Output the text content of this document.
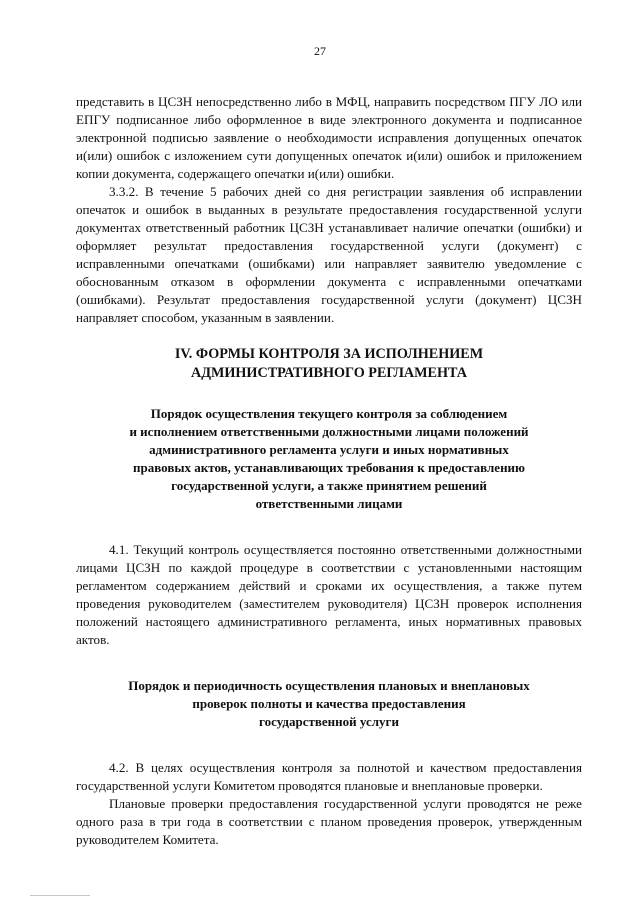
27

представить в ЦСЗН непосредственно либо в МФЦ, направить посредством ПГУ ЛО или ЕПГУ подписанное либо оформленное в виде электронного документа и подписанное электронной подписью заявление о необходимости исправления допущенных опечаток и(или) ошибок с изложением сути допущенных опечаток и(или) ошибок и приложением копии документа, содержащего опечатки и(или) ошибки.

3.3.2. В течение 5 рабочих дней со дня регистрации заявления об исправлении опечаток и ошибок в выданных в результате предоставления государственной услуги документах ответственный работник ЦСЗН устанавливает наличие опечатки (ошибки) и оформляет результат предоставления государственной услуги (документ) с исправленными опечатками (ошибками) или направляет заявителю уведомление с обоснованным отказом в оформлении документа с исправленными опечатками (ошибками). Результат предоставления государственной услуги (документ) ЦСЗН направляет способом, указанным в заявлении.

IV. ФОРМЫ КОНТРОЛЯ ЗА ИСПОЛНЕНИЕМ

АДМИНИСТРАТИВНОГО РЕГЛАМЕНТА

Порядок осуществления текущего контроля за соблюдением
и исполнением ответственными должностными лицами положений
административного регламента услуги и иных нормативных
правовых актов, устанавливающих требования к предоставлению
государственной услуги, а также принятием решений
ответственными лицами

4.1. Текущий контроль осуществляется постоянно ответственными должностными лицами ЦСЗН по каждой процедуре в соответствии с установленными настоящим регламентом содержанием действий и сроками их осуществления, а также путем проведения руководителем (заместителем руководителя) ЦСЗН проверок исполнения положений настоящего административного регламента, иных нормативных правовых актов.

Порядок и периодичность осуществления плановых и внеплановых
проверок полноты и качества предоставления
государственной услуги

4.2. В целях осуществления контроля за полнотой и качеством предоставления государственной услуги Комитетом проводятся плановые и внеплановые проверки.

Плановые проверки предоставления государственной услуги проводятся не реже одного раза в три года в соответствии с планом проведения проверок, утвержденным руководителем Комитета.
